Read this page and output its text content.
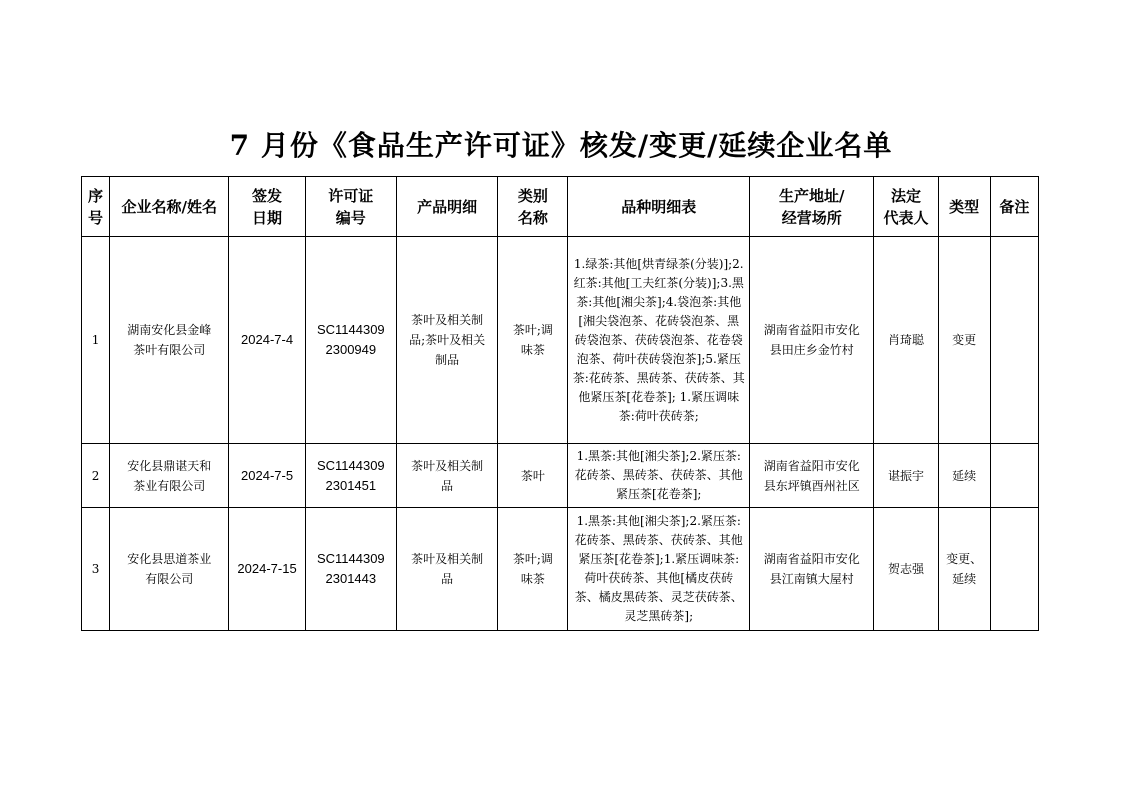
7 月份《食品生产许可证》核发/变更/延续企业名单
序
号	企业名称/姓名	签发
日期	许可证
编号	产品明细	类别
名称	品种明细表	生产地址/
经营场所	法定
代表人	类型	备注

1	湖南安化县金峰
茶叶有限公司	2024-7-4	SC1144309
2300949	茶叶及相关制
品;茶叶及相关
制品	茶叶;调
味茶	1.绿茶:其他[烘青绿茶(分装)];2.红茶:其他[工夫红茶(分装)];3.黑茶:其他[湘尖茶];4.袋泡茶:其他[湘尖袋泡茶、花砖袋泡茶、黑砖袋泡茶、茯砖袋泡茶、花卷袋泡茶、荷叶茯砖袋泡茶];5.紧压茶:花砖茶、黑砖茶、茯砖茶、其他紧压茶[花卷茶]; 1.紧压调味茶:荷叶茯砖茶;	湖南省益阳市安化
县田庄乡金竹村	肖琦聪	变更	

2	安化县鼎谌天和
茶业有限公司	2024-7-5	SC1144309
2301451	茶叶及相关制
品	茶叶	1.黑茶:其他[湘尖茶];2.紧压茶:花砖茶、黑砖茶、茯砖茶、其他紧压茶[花卷茶];	湖南省益阳市安化
县东坪镇酉州社区	谌振宇	延续	

3	安化县思道茶业
有限公司	2024-7-15	SC1144309
2301443	茶叶及相关制
品	茶叶;调
味茶	1.黑茶:其他[湘尖茶];2.紧压茶:花砖茶、黑砖茶、茯砖茶、其他紧压茶[花卷茶];1.紧压调味茶:荷叶茯砖茶、其他[橘皮茯砖茶、橘皮黑砖茶、灵芝茯砖茶、灵芝黑砖茶];	湖南省益阳市安化
县江南镇大屋村	贺志强	变更、
延续	
